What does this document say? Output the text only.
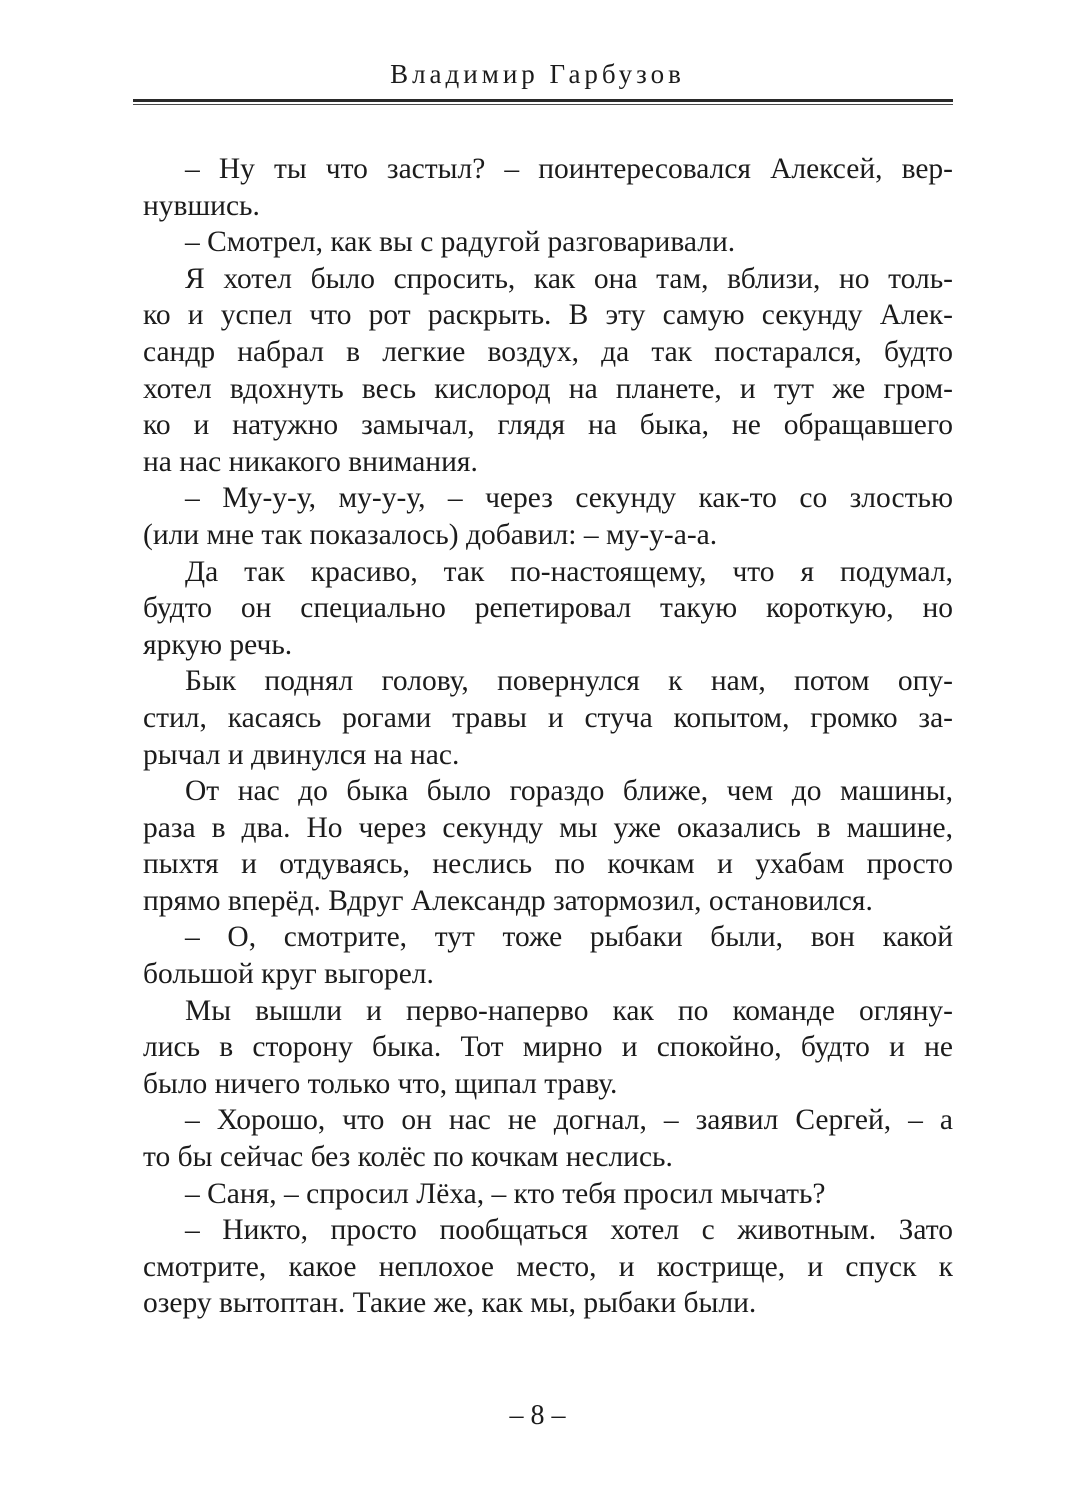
Владимир Гарбузов
– Ну ты что застыл? – поинтересовался Алексей, вер-
нувшись.
– Смотрел, как вы с радугой разговаривали.
Я хотел было спросить, как она там, вблизи, но толь-
ко и успел что рот раскрыть. В эту самую секунду Алек-
сандр набрал в легкие воздух, да так постарался, будто
хотел вдохнуть весь кислород на планете, и тут же гром-
ко и натужно замычал, глядя на быка, не обращавшего
на нас никакого внимания.
– Му-у-у, му-у-у, – через секунду как-то со злостью
(или мне так показалось) добавил: – му-у-а-а.
Да так красиво, так по-настоящему, что я подумал,
будто он специально репетировал такую короткую, но
яркую речь.
Бык поднял голову, повернулся к нам, потом опу-
стил, касаясь рогами травы и стуча копытом, громко за-
рычал и двинулся на нас.
От нас до быка было гораздо ближе, чем до машины,
раза в два. Но через секунду мы уже оказались в машине,
пыхтя и отдуваясь, неслись по кочкам и ухабам просто
прямо вперёд. Вдруг Александр затормозил, остановился.
– О, смотрите, тут тоже рыбаки были, вон какой
большой круг выгорел.
Мы вышли и перво-наперво как по команде огляну-
лись в сторону быка. Тот мирно и спокойно, будто и не
было ничего только что, щипал траву.
– Хорошо, что он нас не догнал, – заявил Сергей, – а
то бы сейчас без колёс по кочкам неслись.
– Саня, – спросил Лёха, – кто тебя просил мычать?
– Никто, просто пообщаться хотел с животным. Зато
смотрите, какое неплохое место, и кострище, и спуск к
озеру вытоптан. Такие же, как мы, рыбаки были.
– 8 –
